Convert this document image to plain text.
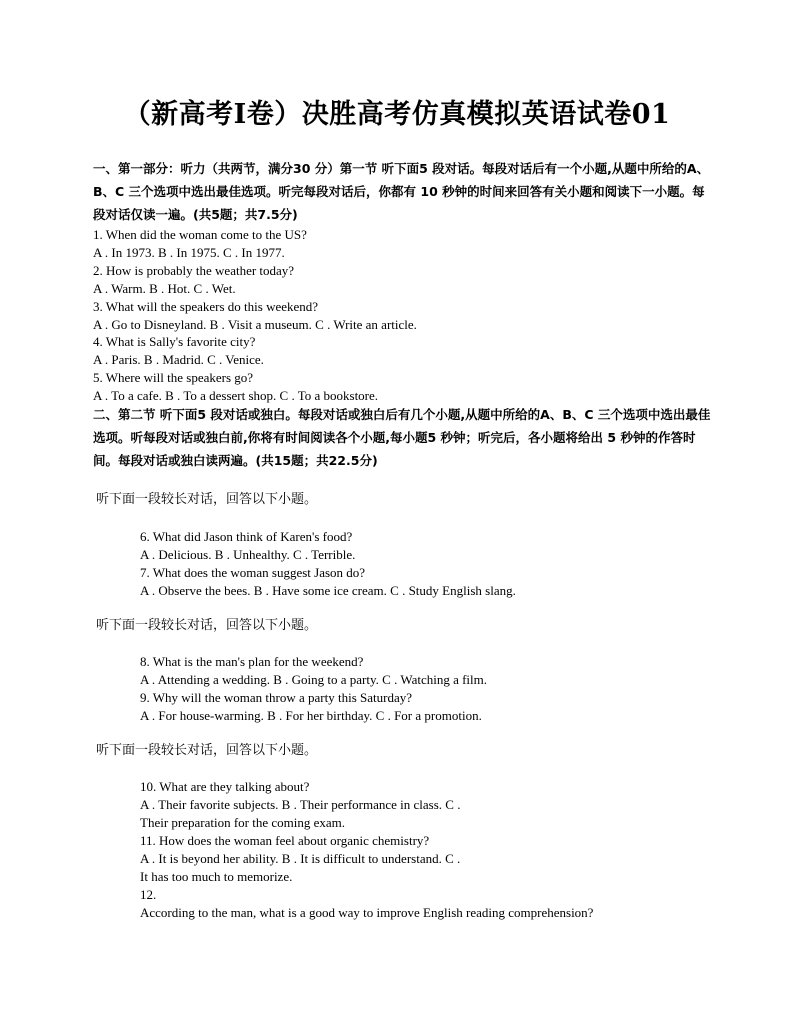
（新高考I卷）决胜高考仿真模拟英语试卷01
一、第一部分：听力（共两节，满分30 分）第一节 听下面5 段对话。每段对话后有一个小题,从题中所给的A、B、C 三个选项中选出最佳选项。听完每段对话后，你都有 10 秒钟的时间来回答有关小题和阅读下一小题。每段对话仅读一遍。(共5题；共7.5分)
1. When did the woman come to the US?
A . In 1973. B . In 1975. C . In 1977.
2. How is probably the weather today?
A . Warm. B . Hot. C . Wet.
3. What will the speakers do this weekend?
A . Go to Disneyland. B . Visit a museum. C . Write an article.
4. What is Sally's favorite city?
A . Paris. B . Madrid. C . Venice.
5. Where will the speakers go?
A . To a cafe. B . To a dessert shop. C . To a bookstore.
二、第二节 听下面5 段对话或独白。每段对话或独白后有几个小题,从题中所给的A、B、C 三个选项中选出最佳选项。听每段对话或独白前,你将有时间阅读各个小题,每小题5 秒钟；听完后，各小题将给出 5 秒钟的作答时间。每段对话或独白读两遍。(共15题；共22.5分)
听下面一段较长对话，回答以下小题。
6. What did Jason think of Karen's food?
A . Delicious. B . Unhealthy. C . Terrible.
7. What does the woman suggest Jason do?
A . Observe the bees. B . Have some ice cream. C . Study English slang.
听下面一段较长对话，回答以下小题。
8. What is the man's plan for the weekend?
A . Attending a wedding. B . Going to a party. C . Watching a film.
9. Why will the woman throw a party this Saturday?
A . For house-warming. B . For her birthday. C . For a promotion.
听下面一段较长对话，回答以下小题。
10. What are they talking about?
A . Their favorite subjects. B . Their performance in class. C .
Their preparation for the coming exam.
11. How does the woman feel about organic chemistry?
A . It is beyond her ability. B . It is difficult to understand. C .
It has too much to memorize.
12.
According to the man, what is a good way to improve English reading comprehension?
